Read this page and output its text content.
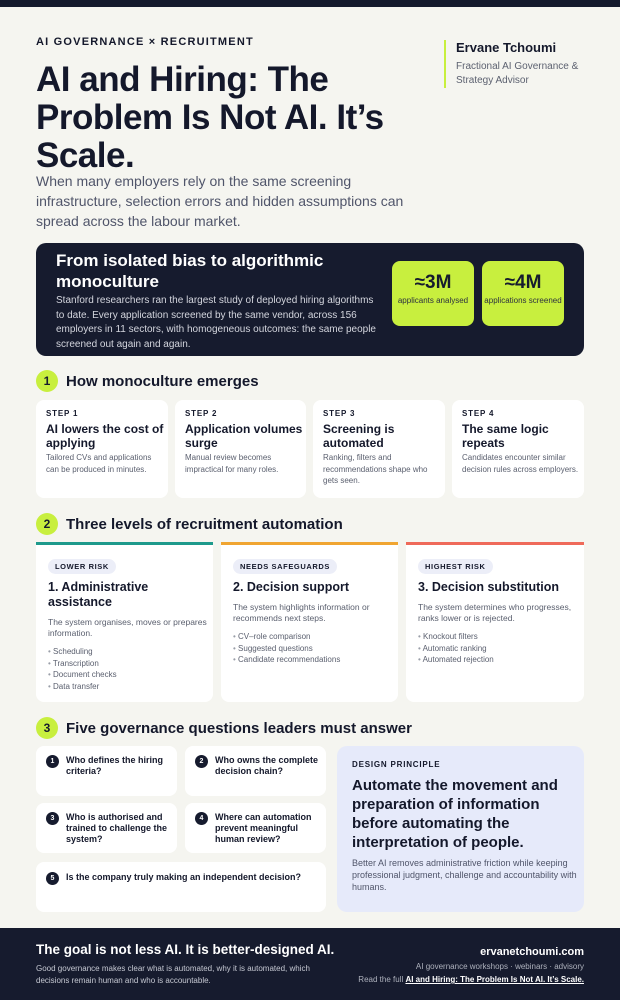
AI GOVERNANCE × RECRUITMENT	Ervane Tchoumi
Fractional AI Governance & Strategy Advisor
AI and Hiring: The Problem Is Not AI. It’s Scale.
When many employers rely on the same screening infrastructure, selection errors and hidden assumptions can spread across the labour market.
From isolated bias to algorithmic monoculture

Stanford researchers ran the largest study of deployed hiring algorithms to date. Every application screened by the same vendor, across 156 employers in 11 sectors, with homogeneous outcomes: the same people screened out again and again.

≈3M
applicants analysed
≈4M
applications screened
1	How monoculture emerges
STEP 1
AI lowers the cost of applying
Tailored CVs and applications can be produced in minutes.
STEP 2
Application volumes surge
Manual review becomes impractical for many roles.
STEP 3
Screening is automated
Ranking, filters and recommendations shape who gets seen.
STEP 4
The same logic repeats
Candidates encounter similar decision rules across employers.
2	Three levels of recruitment automation
LOWER RISK
1. Administrative assistance
The system organises, moves or prepares information.
• Scheduling
• Transcription
• Document checks
• Data transfer
NEEDS SAFEGUARDS
2. Decision support
The system highlights information or recommends next steps.
• CV–role comparison
• Suggested questions
• Candidate recommendations
HIGHEST RISK
3. Decision substitution
The system determines who progresses, ranks lower or is rejected.
• Knockout filters
• Automatic ranking
• Automated rejection
3	Five governance questions leaders must answer
1	Who defines the hiring criteria?
2	Who owns the complete decision chain?
3	Who is authorised and trained to challenge the system?
4	Where can automation prevent meaningful human review?
5	Is the company truly making an independent decision?
DESIGN PRINCIPLE
Automate the movement and preparation of information before automating the interpretation of people.
Better AI removes administrative friction while keeping professional judgment, challenge and accountability with humans.
The goal is not less AI. It is better-designed AI.
Good governance makes clear what is automated, why it is automated, which decisions remain human and who is accountable.
ervanetchoumi.com
AI governance workshops · webinars · advisory
Read the full AI and Hiring: The Problem Is Not AI. It’s Scale.
